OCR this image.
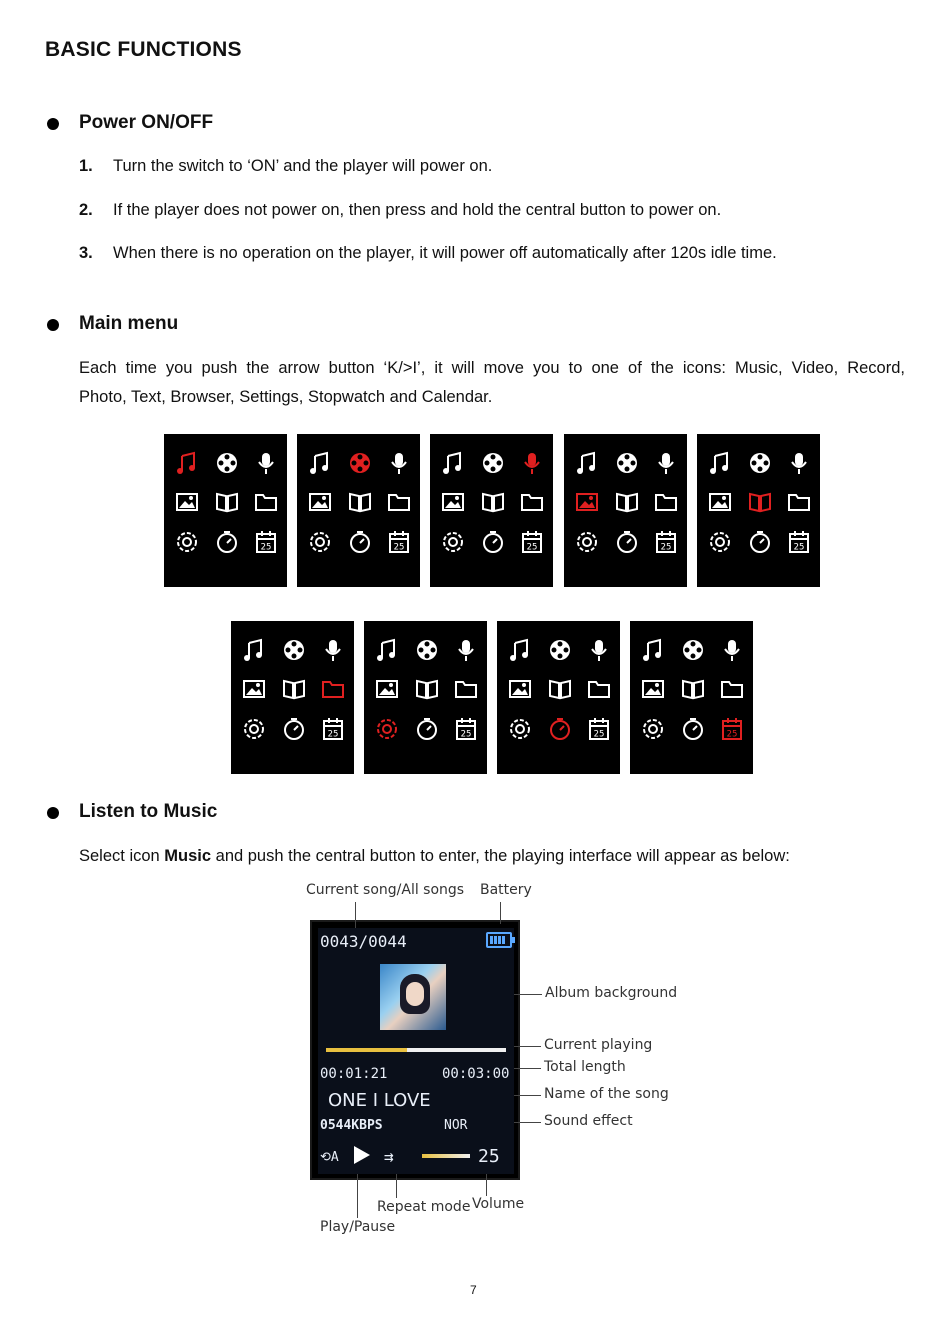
BASIC FUNCTIONS
Power ON/OFF
1. Turn the switch to ‘ON’ and the player will power on.
2. If the player does not power on, then press and hold the central button to power on.
3. When there is no operation on the player, it will power off automatically after 120s idle time.
Main menu
Each time you push the arrow button ‘K/>I’, it will move you to one of the icons: Music, Video, Record,
Photo, Text, Browser, Settings, Stopwatch and Calendar.
25	25	25	25	25
25	25	25	25
Listen to Music
Select icon Music and push the central button to enter, the playing interface will appear as below:
0043/0044
00:01:21	00:03:00
ONE I LOVE
0544KBPS	NOR
⟲A	⇉	25
Current song/All songs Battery
Album background
Current playing
Total length
Name of the song
Sound effect
Repeat mode Volume
Play/Pause
7
